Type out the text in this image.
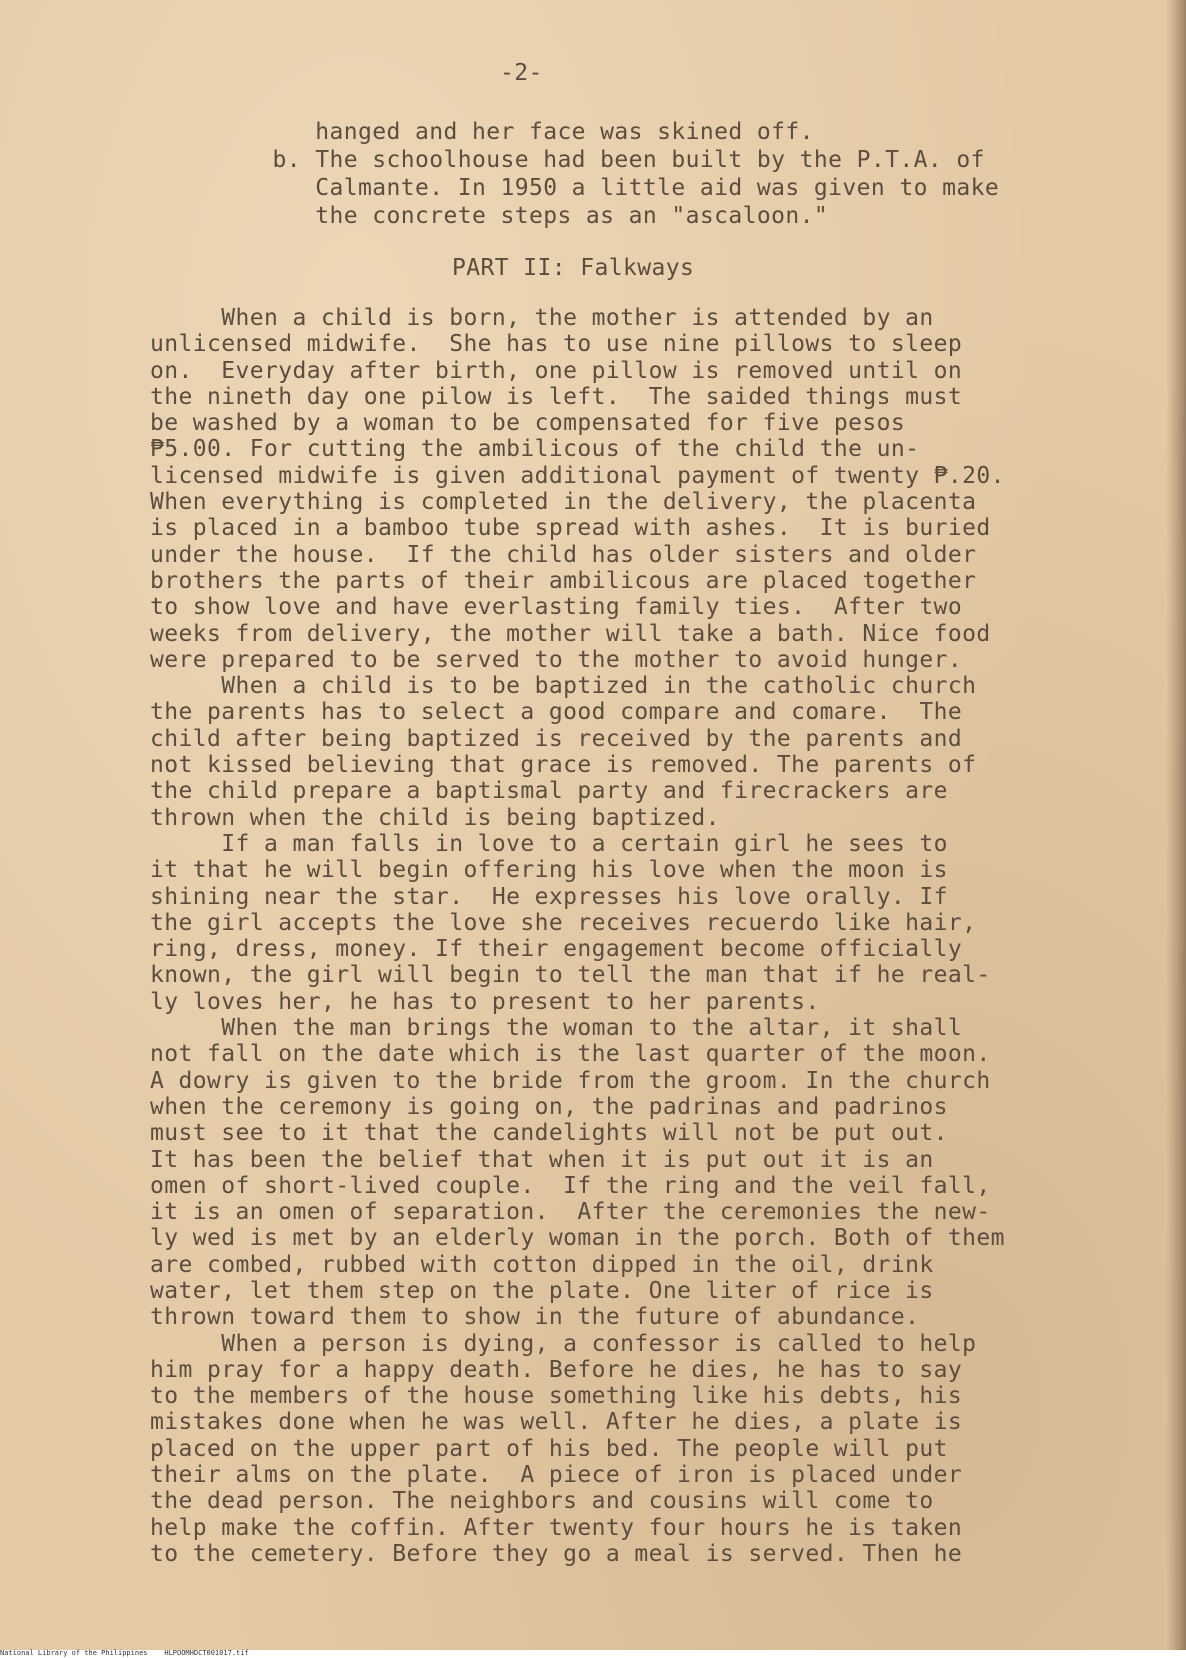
-2-
hanged and her face was skined off.
b. The schoolhouse had been built by the P.T.A. of
Calmante. In 1950 a little aid was given to make
the concrete steps as an "ascaloon."
PART II: Falkways
When a child is born, the mother is attended by an
unlicensed midwife.  She has to use nine pillows to sleep
on.  Everyday after birth, one pillow is removed until on
the nineth day one pilow is left.  The saided things must
be washed by a woman to be compensated for five pesos
₱5.00. For cutting the ambilicous of the child the un-
licensed midwife is given additional payment of twenty ₱.20.
When everything is completed in the delivery, the placenta
is placed in a bamboo tube spread with ashes.  It is buried
under the house.  If the child has older sisters and older
brothers the parts of their ambilicous are placed together
to show love and have everlasting family ties.  After two
weeks from delivery, the mother will take a bath. Nice food
were prepared to be served to the mother to avoid hunger.
When a child is to be baptized in the catholic church
the parents has to select a good compare and comare.  The
child after being baptized is received by the parents and
not kissed believing that grace is removed. The parents of
the child prepare a baptismal party and firecrackers are
thrown when the child is being baptized.
If a man falls in love to a certain girl he sees to
it that he will begin offering his love when the moon is
shining near the star.  He expresses his love orally. If
the girl accepts the love she receives recuerdo like hair,
ring, dress, money. If their engagement become officially
known, the girl will begin to tell the man that if he real-
ly loves her, he has to present to her parents.
When the man brings the woman to the altar, it shall
not fall on the date which is the last quarter of the moon.
A dowry is given to the bride from the groom. In the church
when the ceremony is going on, the padrinas and padrinos
must see to it that the candelights will not be put out.
It has been the belief that when it is put out it is an
omen of short-lived couple.  If the ring and the veil fall,
it is an omen of separation.  After the ceremonies the new-
ly wed is met by an elderly woman in the porch. Both of them
are combed, rubbed with cotton dipped in the oil, drink
water, let them step on the plate. One liter of rice is
thrown toward them to show in the future of abundance.
When a person is dying, a confessor is called to help
him pray for a happy death. Before he dies, he has to say
to the members of the house something like his debts, his
mistakes done when he was well. After he dies, a plate is
placed on the upper part of his bed. The people will put
their alms on the plate.  A piece of iron is placed under
the dead person. The neighbors and cousins will come to
help make the coffin. After twenty four hours he is taken
to the cemetery. Before they go a meal is served. Then he
National Library of the Philippines    HLPOOMHDCT001017.tif
